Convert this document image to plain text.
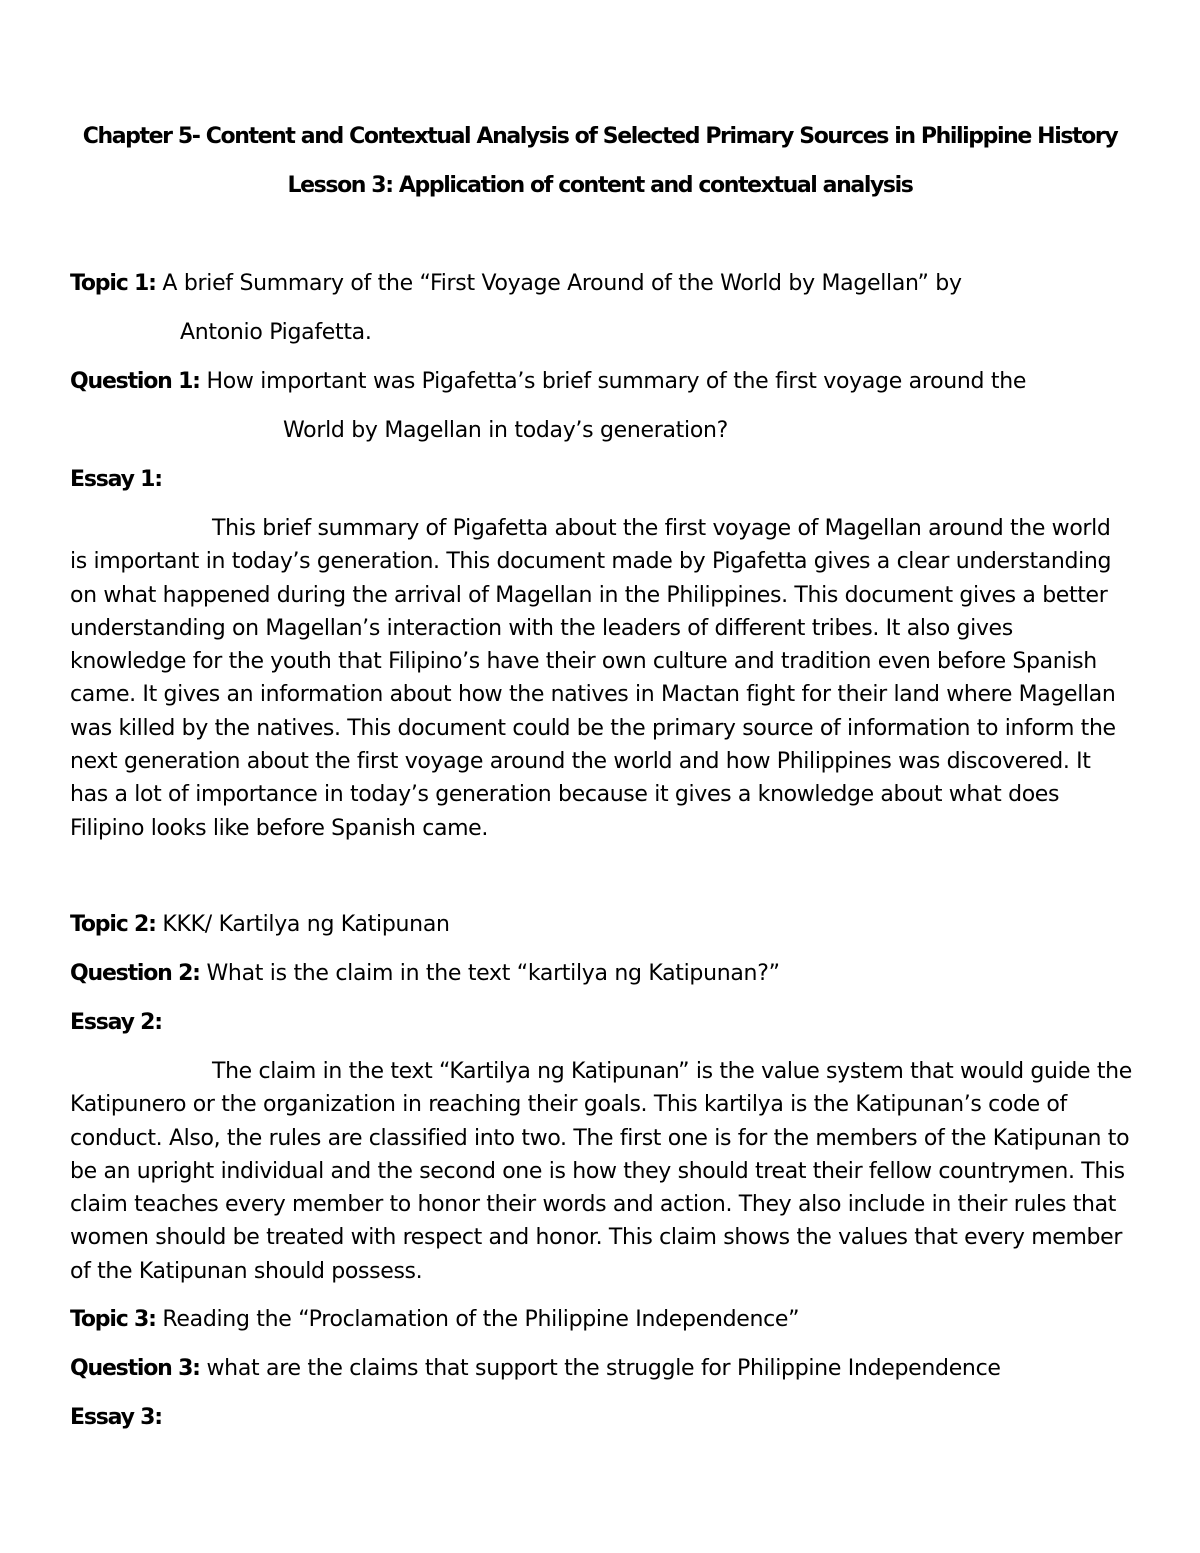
Chapter 5- Content and Contextual Analysis of Selected Primary Sources in Philippine History
Lesson 3: Application of content and contextual analysis
Topic 1: A brief Summary of the “First Voyage Around of the World by Magellan” by
Antonio Pigafetta.
Question 1: How important was Pigafetta’s brief summary of the first voyage around the
World by Magellan in today’s generation?
Essay 1:

This brief summary of Pigafetta about the first voyage of Magellan around the world is important in today’s generation. This document made by Pigafetta gives a clear understanding on what happened during the arrival of Magellan in the Philippines. This document gives a better understanding on Magellan’s interaction with the leaders of different tribes. It also gives knowledge for the youth that Filipino’s have their own culture and tradition even before Spanish came. It gives an information about how the natives in Mactan fight for their land where Magellan was killed by the natives. This document could be the primary source of information to inform the next generation about the first voyage around the world and how Philippines was discovered. It has a lot of importance in today’s generation because it gives a knowledge about what does Filipino looks like before Spanish came.

Topic 2: KKK/ Kartilya ng Katipunan
Question 2: What is the claim in the text “kartilya ng Katipunan?”
Essay 2:

The claim in the text “Kartilya ng Katipunan” is the value system that would guide the Katipunero or the organization in reaching their goals. This kartilya is the Katipunan’s code of conduct. Also, the rules are classified into two. The first one is for the members of the Katipunan to be an upright individual and the second one is how they should treat their fellow countrymen. This claim teaches every member to honor their words and action. They also include in their rules that women should be treated with respect and honor. This claim shows the values that every member of the Katipunan should possess.

Topic 3: Reading the “Proclamation of the Philippine Independence”
Question 3: what are the claims that support the struggle for Philippine Independence
Essay 3:
